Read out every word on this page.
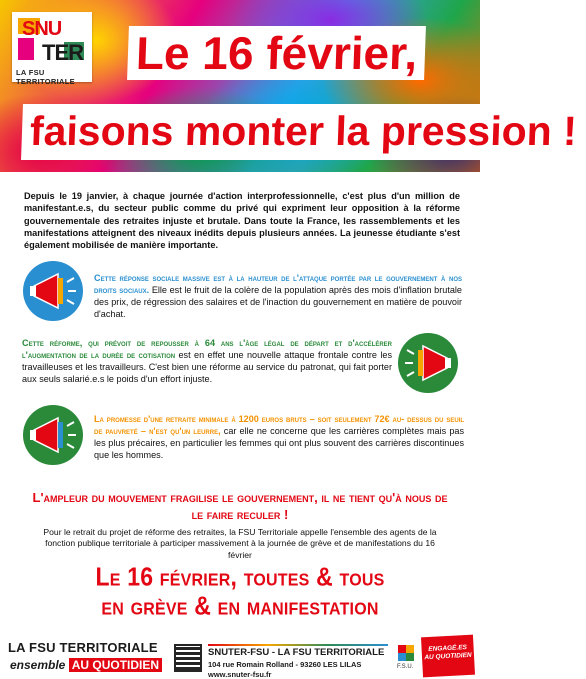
SNU
TER
LA FSU TERRITORIALE
Le 16 février,
faisons monter la pression !

Depuis le 19 janvier, à chaque journée d'action interprofessionnelle, c'est plus d'un million de manifestant.e.s, du secteur public comme du privé qui expriment leur opposition à la réforme gouvernementale des retraites injuste et brutale. Dans toute la France, les rassemblements et les manifestations atteignent des niveaux inédits depuis plusieurs années. La jeunesse étudiante s'est également mobilisée de manière importante.

Cette réponse sociale massive est à la hauteur de l'attaque portée par le gouvernement à nos droits sociaux. Elle est le fruit de la colère de la population après des mois d'inflation brutale des prix, de régression des salaires et de l'inaction du gouvernement en matière de pouvoir d'achat.

Cette réforme, qui prévoit de repousser à 64 ans l'âge légal de départ et d'accélérer l'augmentation de la durée de cotisation est en effet une nouvelle attaque frontale contre les travailleuses et les travailleurs. C'est bien une réforme au service du patronat, qui fait porter aux seuls salarié.e.s le poids d'un effort injuste.

La promesse d'une retraite minimale à 1200 euros bruts – soit seulement 72€ au- dessus du seuil de pauvreté – n'est qu'un leurre, car elle ne concerne que les carrières complètes mais pas les plus précaires, en particulier les femmes qui ont plus souvent des carrières discontinues que les hommes.

L'ampleur du mouvement fragilise le gouvernement, il ne tient qu'à nous de le faire reculer !

Pour le retrait du projet de réforme des retraites, la FSU Territoriale appelle l'ensemble des agents de la fonction publique territoriale à participer massivement à la journée de grève et de manifestations du 16 février

Le 16 février, toutes & tous
en grève & en manifestation
LA FSU TERRITORIALE
ensemble AU QUOTIDIEN
SNUTER-FSU - LA FSU TERRITORIALE
104 rue Romain Rolland - 93260 LES LILAS
www.snuter-fsu.fr
F.S.U.
ENGAGÉ.ES
AU QUOTIDIEN
